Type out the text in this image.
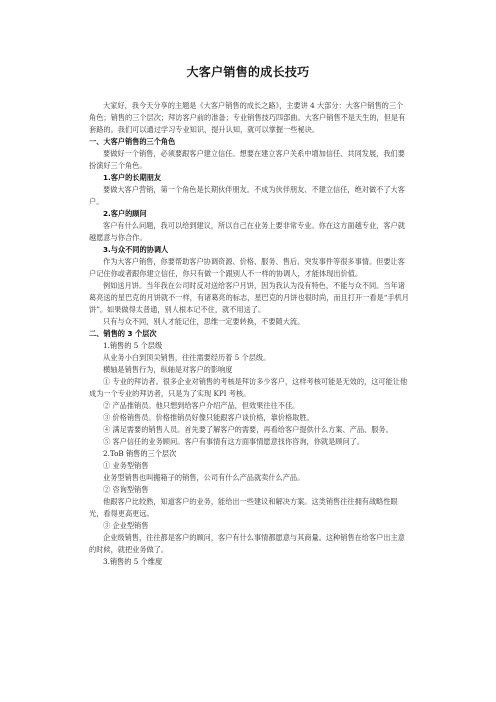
大客户销售的成长技巧

大家好，我今天分享的主题是《大客户销售的成长之路》，主要讲 4 大部分：大客户销售的三个角色；销售的三个层次；拜访客户前的准备；专业销售技巧四部曲。大客户销售不是天生的，但是有套路的。我们可以通过学习专业知识，提升认知，就可以掌握一些秘诀。

一、大客户销售的三个角色

要做好一个销售，必须要跟客户建立信任。想要在建立客户关系中增加信任、共同发展，我们要扮演好三个角色。

1.客户的长期朋友

要做大客户营销，第一个角色是长期伙伴朋友。不成为伙伴朋友、不建立信任，绝对做不了大客户。

2.客户的顾问

客户有什么问题，我可以给到建议，所以自己在业务上要非常专业。你在这方面越专业，客户就越愿意与你合作。

3.与众不同的协调人

作为大客户销售，你要帮助客户协调资源、价格、服务、售后、突发事件等很多事情。但要让客户记住你或者跟你建立信任，你只有做一个跟别人不一样的协调人，才能体现出价值。

例如送月饼。当年我在公司时反对送给客户月饼，因为我认为没有特色，不能与众不同。当年诸葛亮送的星巴克的月饼就不一样，有诸葛亮的标志，星巴克的月饼也很时尚，而且打开一看是“手机月饼”。如果做得太普通，别人根本记不住，就不用送了。

只有与众不同，别人才能记住，思维一定要转换，不要随大流。

二、销售的 3 个层次

1.销售的 5 个层级

从业务小白到顶尖销售，往往需要经历着 5 个层级。

横轴是销售行为，纵轴是对客户的影响度

① 专业的拜访者。很多企业对销售的考核是拜访多少客户，这样考核可能是无效的，这可能让他成为一个专业的拜访者，只是为了实现 KPI 考核。

② 产品推销员。他只想到给客户介绍产品，但效果往往不佳。

③ 价格销售员。价格推销员好像只能跟客户谈价格，靠价格取胜。

④ 满足需要的销售人员。首先要了解客户的需要，再看给客户提供什么方案、产品、服务。

⑤ 客户信任的业务顾问。客户有事情有这方面事情愿意找你咨询，你就是顾问了。

2.ToB 销售的三个层次

① 业务型销售

业务型销售也叫搬箱子的销售，公司有什么产品就卖什么产品。

② 咨询型销售

他跟客户比较熟，知道客户的业务，能给出一些建议和解决方案。这类销售往往拥有战略性眼光，看得更高更远。

③ 企业型销售

企业级销售，往往都是客户的顾问，客户有什么事情都愿意与其商量。这种销售在给客户出主意的时候，就把业务做了。

3.销售的 5 个维度
